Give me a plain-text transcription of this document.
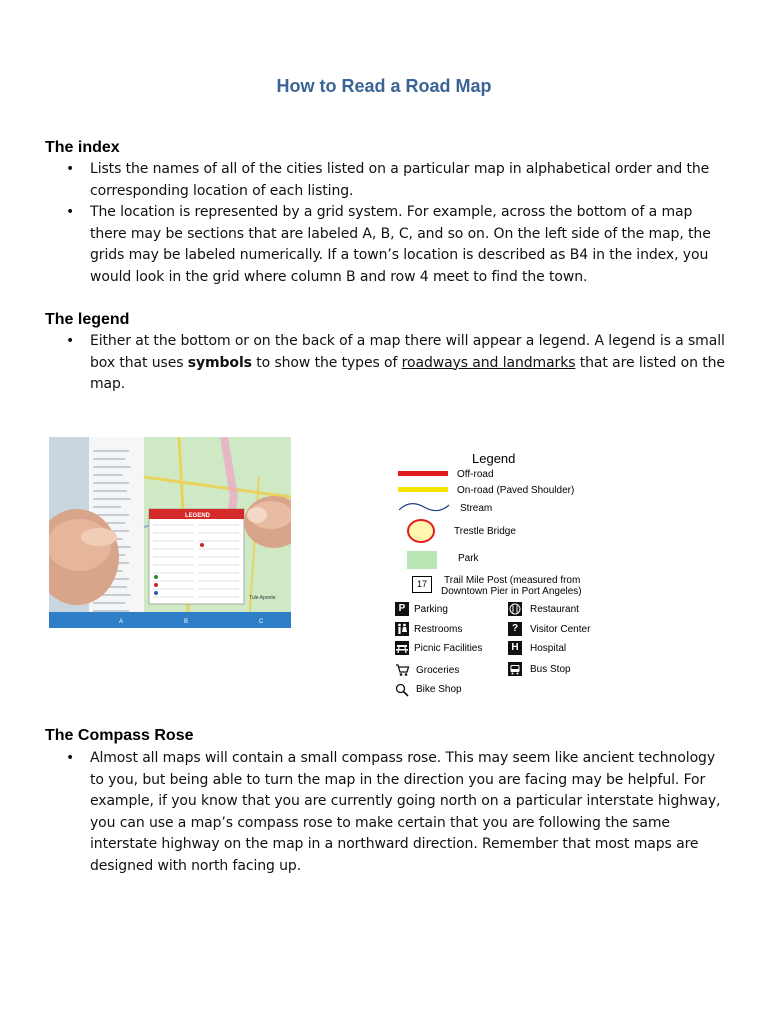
How to Read a Road Map
The index
• Lists the names of all of the cities listed on a particular map in alphabetical order and the corresponding location of each listing.
• The location is represented by a grid system. For example, across the bottom of a map there may be sections that are labeled A, B, C, and so on. On the left side of the map, the grids may be labeled numerically. If a town’s location is described as B4 in the index, you would look in the grid where column B and row 4 meet to find the town.
The legend
• Either at the bottom or on the back of a map there will appear a legend. A legend is a small box that uses symbols to show the types of roadways and landmarks that are listed on the map.
A	B	C
Tule Aponte
LEGEND
Legend
Off-road
On-road (Paved Shoulder)
Stream
Trestle Bridge
Park
17	Trail Mile Post (measured from
Downtown Pier in Port Angeles)
P Parking
Restrooms
Picnic Facilities
Groceries
Bike Shop
Restaurant
?	Visitor Center
H	Hospital
Bus Stop
The Compass Rose
• Almost all maps will contain a small compass rose. This may seem like ancient technology to you, but being able to turn the map in the direction you are facing may be helpful. For example, if you know that you are currently going north on a particular interstate highway, you can use a map’s compass rose to make certain that you are following the same interstate highway on the map in a northward direction. Remember that most maps are designed with north facing up.
